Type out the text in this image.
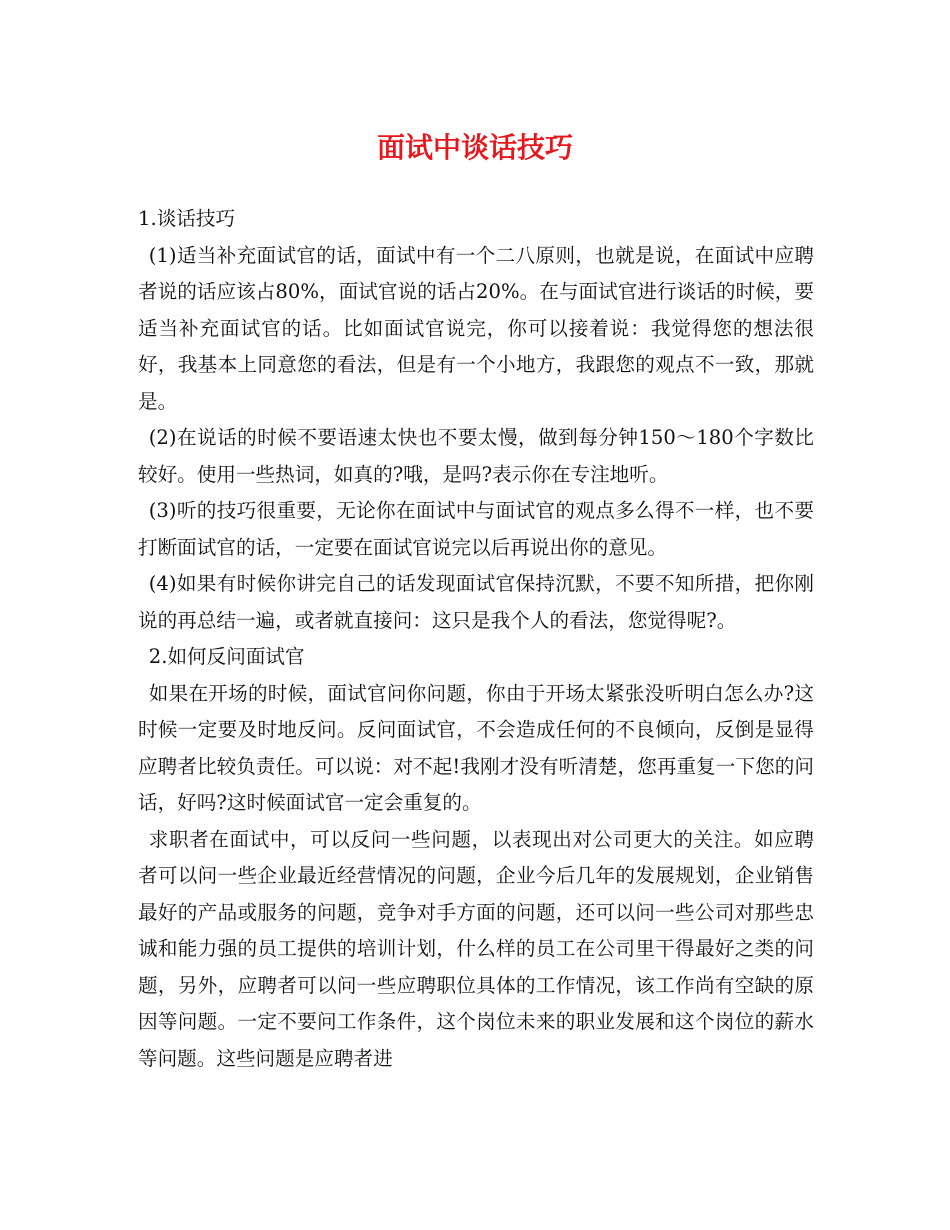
面试中谈话技巧

1.谈话技巧

(1)适当补充面试官的话，面试中有一个二八原则，也就是说，在面试中应聘者说的话应该占80%，面试官说的话占20%。在与面试官进行谈话的时候，要适当补充面试官的话。比如面试官说完，你可以接着说：我觉得您的想法很好，我基本上同意您的看法，但是有一个小地方，我跟您的观点不一致，那就是。

(2)在说话的时候不要语速太快也不要太慢，做到每分钟150～180个字数比较好。使用一些热词，如真的?哦，是吗?表示你在专注地听。

(3)听的技巧很重要，无论你在面试中与面试官的观点多么得不一样，也不要打断面试官的话，一定要在面试官说完以后再说出你的意见。

(4)如果有时候你讲完自己的话发现面试官保持沉默，不要不知所措，把你刚说的再总结一遍，或者就直接问：这只是我个人的看法，您觉得呢?。

2.如何反问面试官

如果在开场的时候，面试官问你问题，你由于开场太紧张没听明白怎么办?这时候一定要及时地反问。反问面试官，不会造成任何的不良倾向，反倒是显得应聘者比较负责任。可以说：对不起!我刚才没有听清楚，您再重复一下您的问话，好吗?这时候面试官一定会重复的。

求职者在面试中，可以反问一些问题，以表现出对公司更大的关注。如应聘者可以问一些企业最近经营情况的问题，企业今后几年的发展规划，企业销售最好的产品或服务的问题，竞争对手方面的问题，还可以问一些公司对那些忠诚和能力强的员工提供的培训计划，什么样的员工在公司里干得最好之类的问题，另外，应聘者可以问一些应聘职位具体的工作情况，该工作尚有空缺的原因等问题。一定不要问工作条件，这个岗位未来的职业发展和这个岗位的薪水等问题。这些问题是应聘者进
